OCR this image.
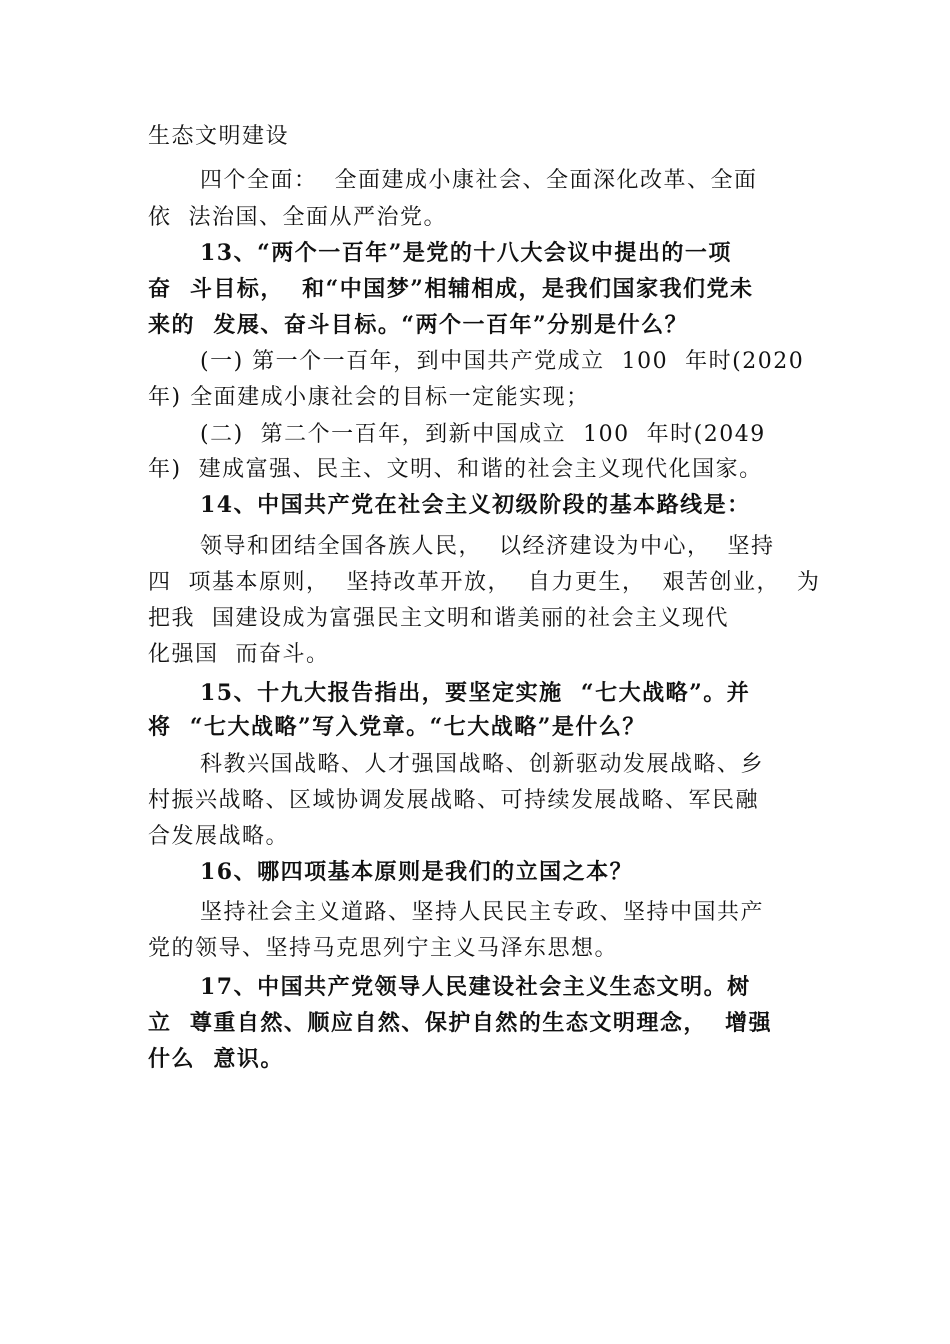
生态文明建设

四个全面：  全面建成小康社会、全面深化改革、全面

依  法治国、全面从严治党。

13、“两个一百年”是党的十八大会议中提出的一项

奋  斗目标，  和“中国梦”相辅相成，是我们国家我们党未

来的  发展、奋斗目标。“两个一百年”分别是什么？

(一) 第一个一百年，到中国共产党成立  100  年时(2020

年) 全面建成小康社会的目标一定能实现；

(二)  第二个一百年，到新中国成立  100  年时(2049

年)  建成富强、民主、文明、和谐的社会主义现代化国家。

14、中国共产党在社会主义初级阶段的基本路线是：

领导和团结全国各族人民，  以经济建设为中心，  坚持

四  项基本原则，  坚持改革开放，  自力更生，  艰苦创业，  为

把我  国建设成为富强民主文明和谐美丽的社会主义现代

化强国  而奋斗。

15、十九大报告指出，要坚定实施  “七大战略”。并

将  “七大战略”写入党章。“七大战略”是什么？

科教兴国战略、人才强国战略、创新驱动发展战略、乡

村振兴战略、区域协调发展战略、可持续发展战略、军民融

合发展战略。

16、哪四项基本原则是我们的立国之本？

坚持社会主义道路、坚持人民民主专政、坚持中国共产

党的领导、坚持马克思列宁主义马泽东思想。

17、中国共产党领导人民建设社会主义生态文明。树

立  尊重自然、顺应自然、保护自然的生态文明理念，  增强

什么  意识。
